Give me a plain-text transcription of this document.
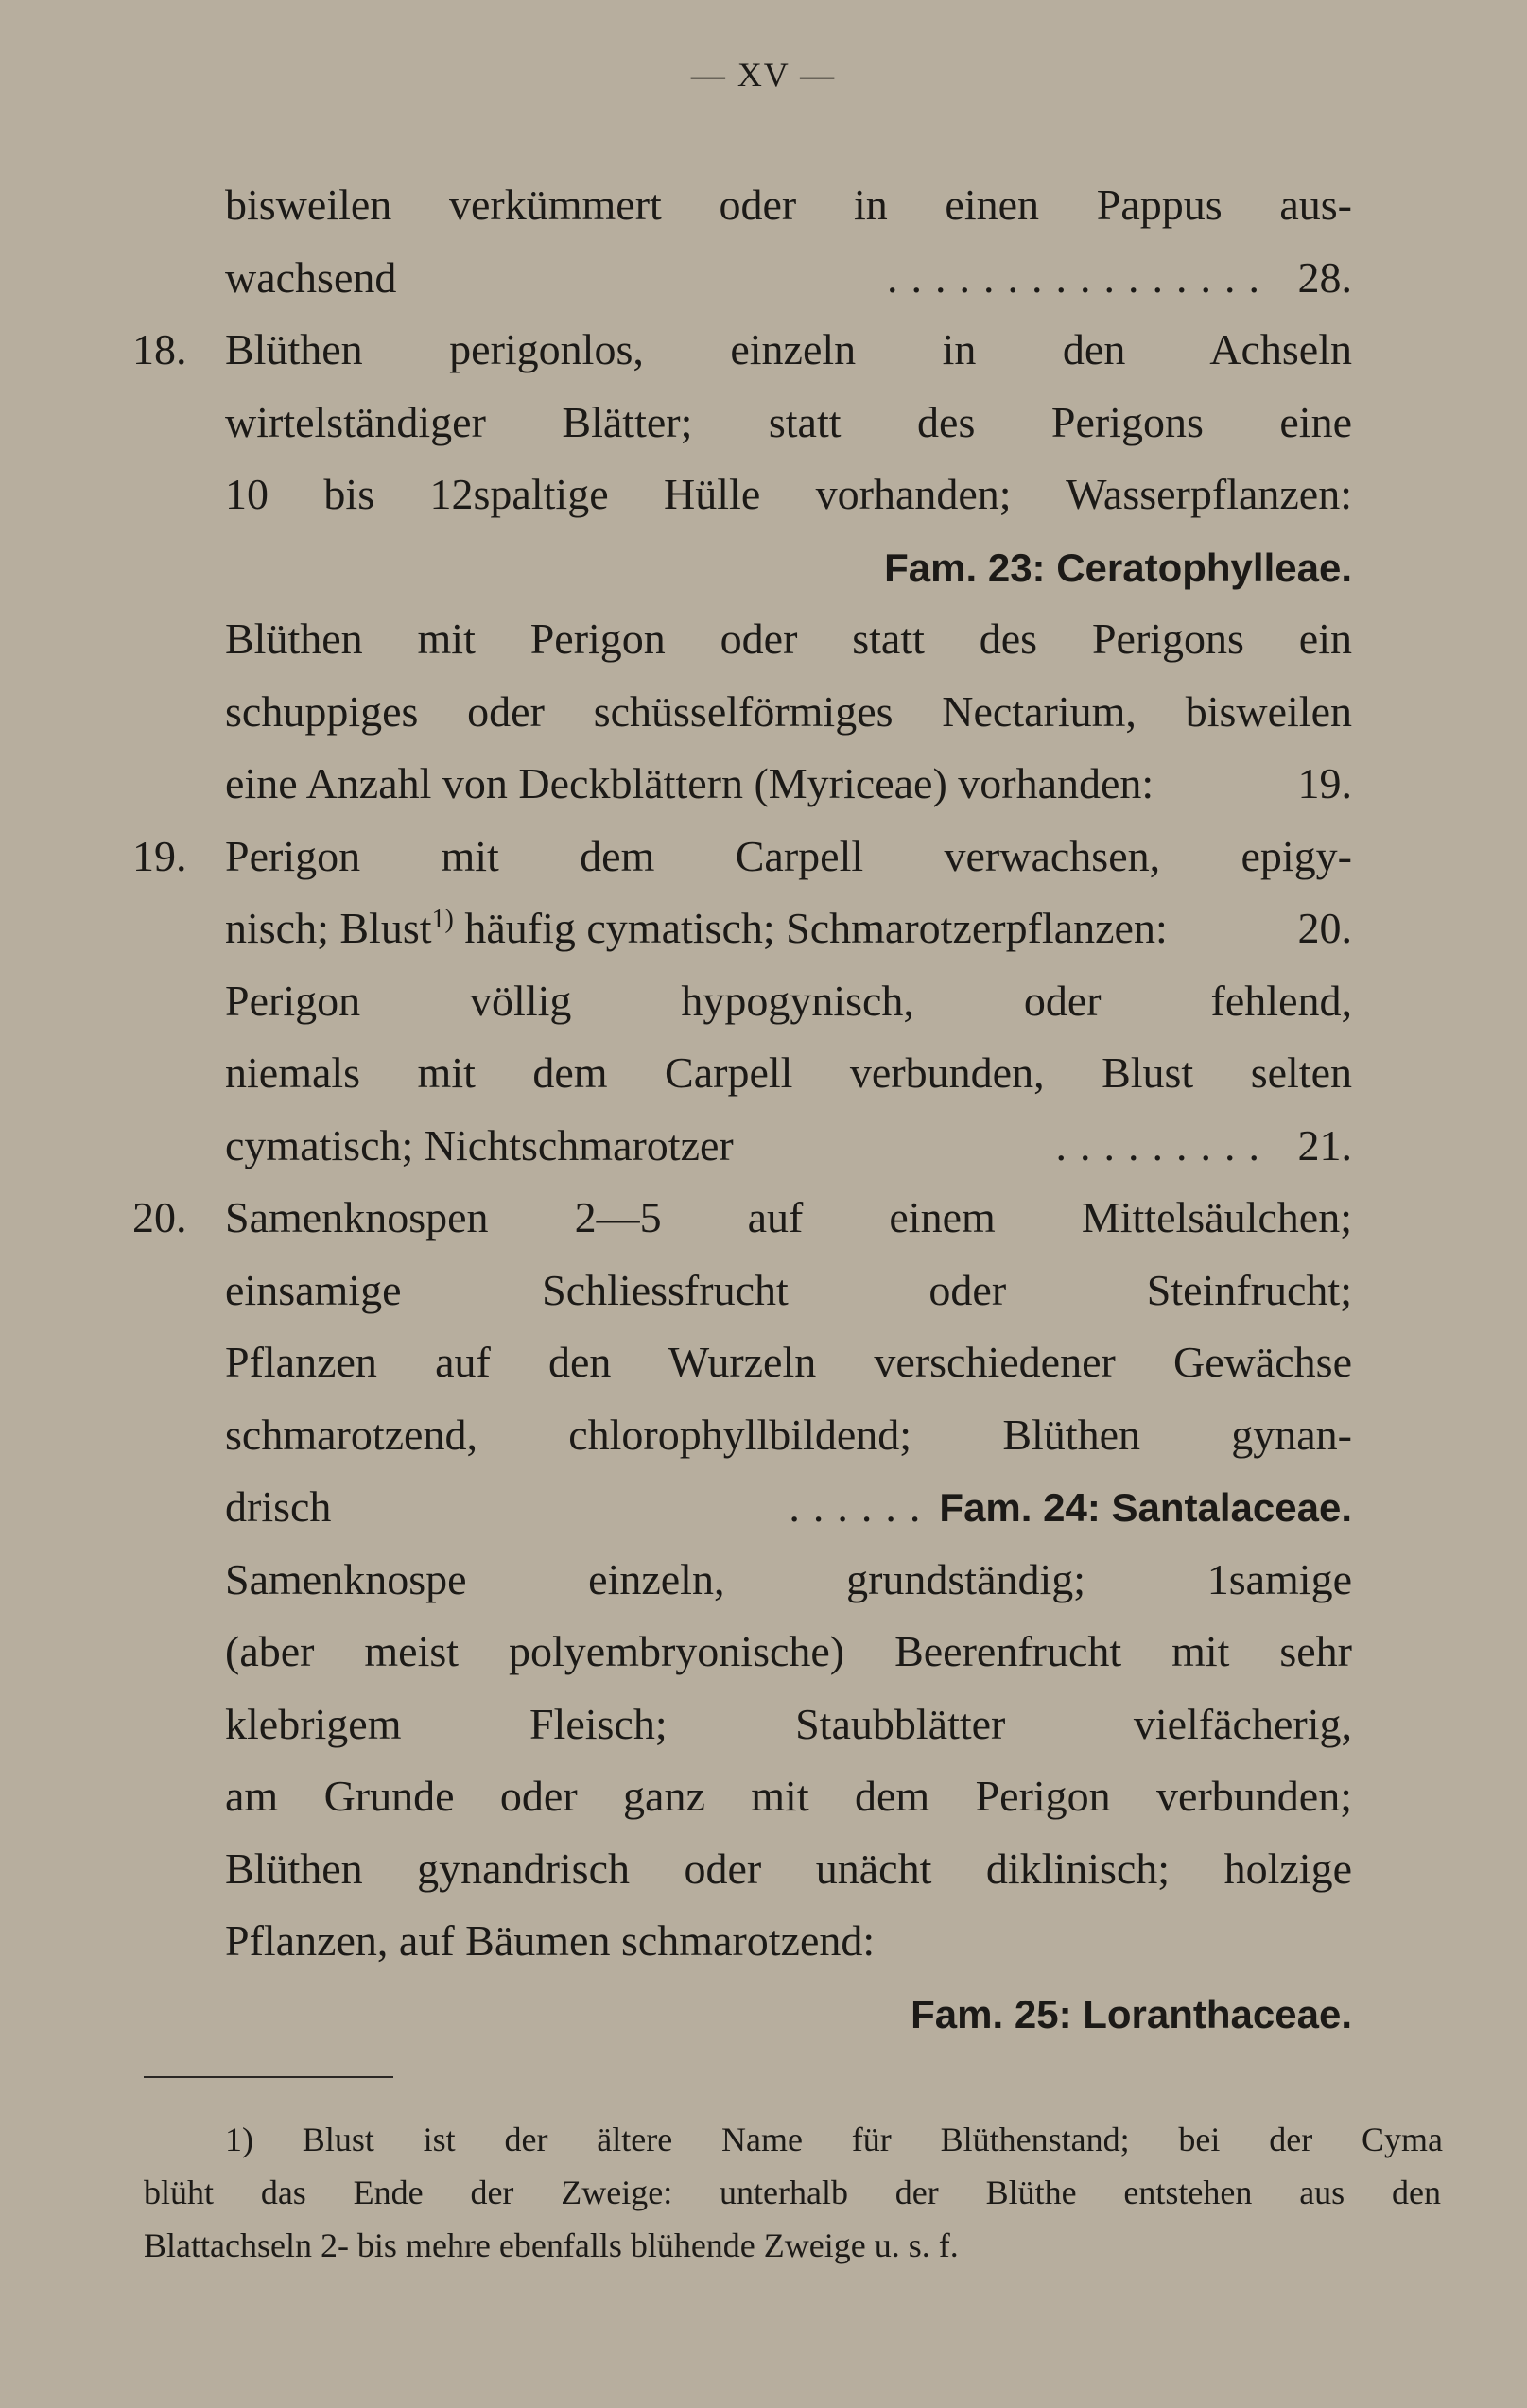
— XV —
bisweilen verkümmert oder in einen Pappus aus-
wachsend	................ 28.
18. Blüthen perigonlos, einzeln in den Achseln
wirtelständiger Blätter; statt des Perigons eine
10 bis 12spaltige Hülle vorhanden; Wasserpflanzen:
Fam. 23: Ceratophylleae.
Blüthen mit Perigon oder statt des Perigons ein
schuppiges oder schüsselförmiges Nectarium, bisweilen
eine Anzahl von Deckblättern (Myriceae) vorhanden:	19.
19. Perigon mit dem Carpell verwachsen, epigy-
nisch; Blust$^{1)}$ häufig cymatisch; Schmarotzerpflanzen:	20.
Perigon völlig hypogynisch, oder fehlend,
niemals mit dem Carpell verbunden, Blust selten
cymatisch; Nichtschmarotzer	......... 21.
20. Samenknospen 2—5 auf einem Mittelsäulchen;
einsamige Schliessfrucht oder Steinfrucht;
Pflanzen auf den Wurzeln verschiedener Gewächse
schmarotzend, chlorophyllbildend; Blüthen gynan-
drisch	...... Fam. 24: Santalaceae.
Samenknospe einzeln, grundständig; 1samige
(aber meist polyembryonische) Beerenfrucht mit sehr
klebrigem Fleisch; Staubblätter vielfächerig,
am Grunde oder ganz mit dem Perigon verbunden;
Blüthen gynandrisch oder unächt diklinisch; holzige
Pflanzen, auf Bäumen schmarotzend:
Fam. 25: Loranthaceae.
1) Blust ist der ältere Name für Blüthenstand; bei der Cyma
blüht das Ende der Zweige: unterhalb der Blüthe entstehen aus den
Blattachseln 2- bis mehre ebenfalls blühende Zweige u. s. f.
